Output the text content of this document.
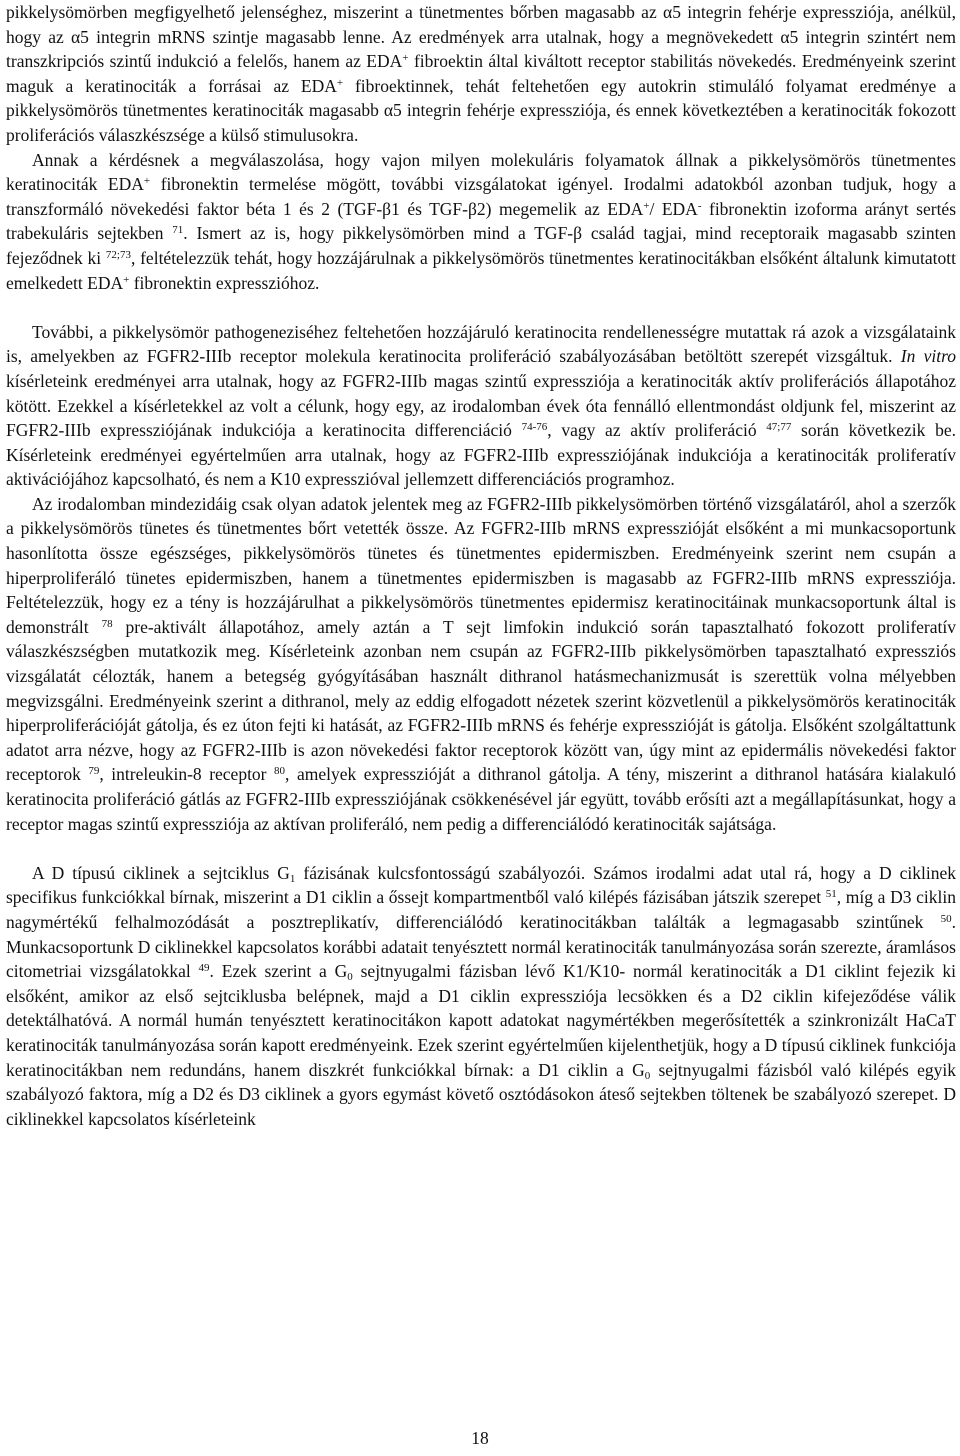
pikkelysömörben megfigyelhető jelenséghez, miszerint a tünetmentes bőrben magasabb az α5 integrin fehérje expressziója, anélkül, hogy az α5 integrin mRNS szintje magasabb lenne. Az eredmények arra utalnak, hogy a megnövekedett α5 integrin szintért nem transzkripciós szintű indukció a felelős, hanem az EDA+ fibroektin által kiváltott receptor stabilitás növekedés. Eredményeink szerint maguk a keratinociták a forrásai az EDA+ fibroektinnek, tehát feltehetően egy autokrin stimuláló folyamat eredménye a pikkelysömörös tünetmentes keratinociták magasabb α5 integrin fehérje expressziója, és ennek következtében a keratinociták fokozott proliferációs válaszkészsége a külső stimulusokra.

Annak a kérdésnek a megválaszolása, hogy vajon milyen molekuláris folyamatok állnak a pikkelysömörös tünetmentes keratinociták EDA+ fibronektin termelése mögött, további vizsgálatokat igényel. Irodalmi adatokból azonban tudjuk, hogy a transzformáló növekedési faktor béta 1 és 2 (TGF-β1 és TGF-β2) megemelik az EDA+/ EDA- fibronektin izoforma arányt sertés trabekuláris sejtekben $^{71}$. Ismert az is, hogy pikkelysömörben mind a TGF-β család tagjai, mind receptoraik magasabb szinten fejeződnek ki $^{72;73}$, feltételezzük tehát, hogy hozzájárulnak a pikkelysömörös tünetmentes keratinocitákban elsőként általunk kimutatott emelkedett EDA+ fibronektin expresszióhoz.

További, a pikkelysömör pathogeneziséhez feltehetően hozzájáruló keratinocita rendellenességre mutattak rá azok a vizsgálataink is, amelyekben az FGFR2-IIIb receptor molekula keratinocita proliferáció szabályozásában betöltött szerepét vizsgáltuk. In vitro kísérleteink eredményei arra utalnak, hogy az FGFR2-IIIb magas szintű expressziója a keratinociták aktív proliferációs állapotához kötött. Ezekkel a kísérletekkel az volt a célunk, hogy egy, az irodalomban évek óta fennálló ellentmondást oldjunk fel, miszerint az FGFR2-IIIb expressziójának indukciója a keratinocita differenciáció $^{74-76}$, vagy az aktív proliferáció $^{47;77}$ során következik be. Kísérleteink eredményei egyértelműen arra utalnak, hogy az FGFR2-IIIb expressziójának indukciója a keratinociták proliferatív aktivációjához kapcsolható, és nem a K10 expresszióval jellemzett differenciációs programhoz.

Az irodalomban mindezidáig csak olyan adatok jelentek meg az FGFR2-IIIb pikkelysömörben történő vizsgálatáról, ahol a szerzők a pikkelysömörös tünetes és tünetmentes bőrt vetették össze. Az FGFR2-IIIb mRNS expresszióját elsőként a mi munkacsoportunk hasonlította össze egészséges, pikkelysömörös tünetes és tünetmentes epidermiszben. Eredményeink szerint nem csupán a hiperproliferáló tünetes epidermiszben, hanem a tünetmentes epidermiszben is magasabb az FGFR2-IIIb mRNS expressziója. Feltételezzük, hogy ez a tény is hozzájárulhat a pikkelysömörös tünetmentes epidermisz keratinocitáinak munkacsoportunk által is demonstrált $^{78}$ pre-aktivált állapotához, amely aztán a T sejt limfokin indukció során tapasztalható fokozott proliferatív válaszkészségben mutatkozik meg. Kísérleteink azonban nem csupán az FGFR2-IIIb pikkelysömörben tapasztalható expressziós vizsgálatát célozták, hanem a betegség gyógyításában használt dithranol hatásmechanizmusát is szerettük volna mélyebben megvizsgálni. Eredményeink szerint a dithranol, mely az eddig elfogadott nézetek szerint közvetlenül a pikkelysömörös keratinociták hiperproliferációját gátolja, és ez úton fejti ki hatását, az FGFR2-IIIb mRNS és fehérje expresszióját is gátolja. Elsőként szolgáltattunk adatot arra nézve, hogy az FGFR2-IIIb is azon növekedési faktor receptorok között van, úgy mint az epidermális növekedési faktor receptorok $^{79}$, intreleukin-8 receptor $^{80}$, amelyek expresszióját a dithranol gátolja. A tény, miszerint a dithranol hatására kialakuló keratinocita proliferáció gátlás az FGFR2-IIIb expressziójának csökkenésével jár együtt, tovább erősíti azt a megállapításunkat, hogy a receptor magas szintű expressziója az aktívan proliferáló, nem pedig a differenciálódó keratinociták sajátsága.

A D típusú ciklinek a sejtciklus $G_1$ fázisának kulcsfontosságú szabályozói. Számos irodalmi adat utal rá, hogy a D ciklinek specifikus funkciókkal bírnak, miszerint a D1 ciklin a őssejt kompartmentből való kilépés fázisában játszik szerepet $^{51}$, míg a D3 ciklin nagymértékű felhalmozódását a posztreplikatív, differenciálódó keratinocitákban találták a legmagasabb szintűnek $^{50}$. Munkacsoportunk D ciklinekkel kapcsolatos korábbi adatait tenyésztett normál keratinociták tanulmányozása során szerezte, áramlásos citometriai vizsgálatokkal $^{49}$. Ezek szerint a $G_0$ sejtnyugalmi fázisban lévő K1/K10- normál keratinociták a D1 ciklint fejezik ki elsőként, amikor az első sejtciklusba belépnek, majd a D1 ciklin expressziója lecsökken és a D2 ciklin kifejeződése válik detektálhatóvá. A normál humán tenyésztett keratinocitákon kapott adatokat nagymértékben megerősítették a szinkronizált HaCaT keratinociták tanulmányozása során kapott eredményeink. Ezek szerint egyértelműen kijelenthetjük, hogy a D típusú ciklinek funkciója keratinocitákban nem redundáns, hanem diszkrét funkciókkal bírnak: a D1 ciklin a $G_0$ sejtnyugalmi fázisból való kilépés egyik szabályozó faktora, míg a D2 és D3 ciklinek a gyors egymást követő osztódásokon áteső sejtekben töltenek be szabályozó szerepet. D ciklinekkel kapcsolatos kísérleteink

18
